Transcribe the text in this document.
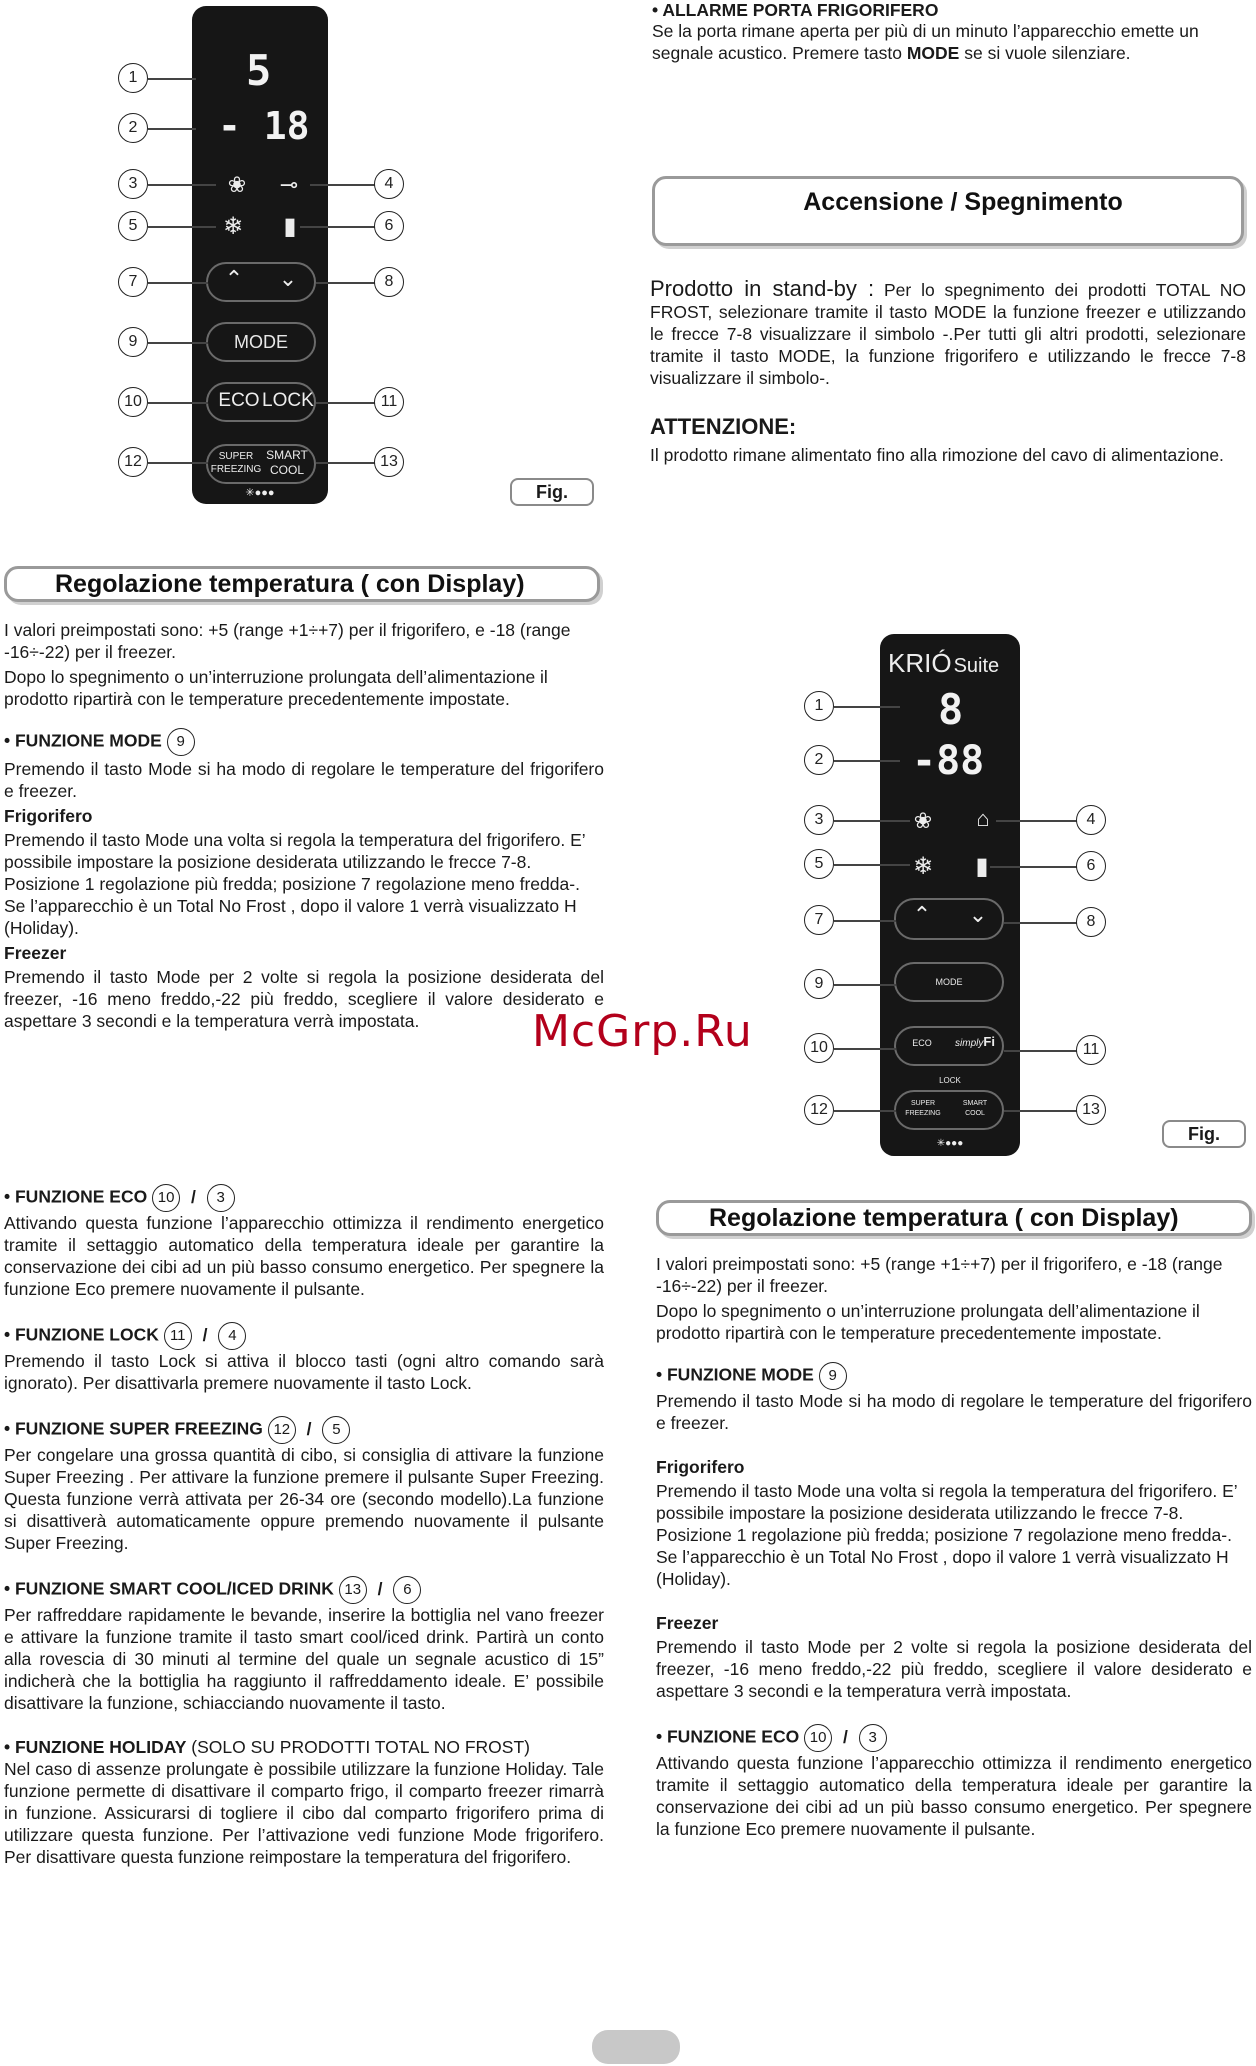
5
- 18
❀	⊸
❄ ▮
⌃	⌄
MODE
ECO LOCK
SUPER
FREEZING
SMART
COOL
✳●●●
1
2
3	4
5	6
7	8
9
10	11
12	13
Fig.

• ALLARME PORTA FRIGORIFERO

Se la porta rimane aperta per più di un minuto l’apparecchio emette un segnale acustico. Premere tasto MODE se si vuole silenziare.

Accensione / Spegnimento
Prodotto in stand-by : Per lo spegnimento dei prodotti TOTAL NO FROST, selezionare tramite il tasto MODE la funzione freezer e utilizzando le frecce 7-8 visualizzare il simbolo -.Per tutti gli altri prodotti, selezionare tramite il tasto MODE, la funzione frigorifero e utilizzando le frecce 7-8 visualizzare il simbolo-.
ATTENZIONE:
Il prodotto rimane alimentato fino alla rimozione del cavo di alimentazione.
Regolazione temperatura ( con Display)

I valori preimpostati sono: +5 (range +1÷+7) per il frigorifero, e -18 (range -16÷-22) per il freezer.

Dopo lo spegnimento o un’interruzione prolungata dell’alimentazione il prodotto ripartirà con le temperature precedentemente impostate.

• FUNZIONE MODE 9

Premendo il tasto Mode si ha modo di regolare le temperature del frigorifero e freezer.

Frigorifero

Premendo il tasto Mode una volta si regola la temperatura del frigorifero. E’ possibile impostare la posizione desiderata utilizzando le frecce 7-8. Posizione 1 regolazione più fredda; posizione 7 regolazione meno fredda-. Se l’apparecchio è un Total No Frost , dopo il valore 1 verrà visualizzato H (Holiday).

Freezer

Premendo il tasto Mode per 2 volte si regola la posizione desiderata del freezer, -16 meno freddo,-22 più freddo, scegliere il valore desiderato e aspettare 3 secondi e la temperatura verrà impostata.	McGrp.Ru
KRIÓ Suite
8
-88
❀	⌂
❄ ▮
⌃	⌄
MODE
ECO	simplyFi
LOCK
SUPER
FREEZING
SMART
COOL
✳●●●
1
2
3	4
5	6
7	8
9
10	11
12	13
Fig.

• FUNZIONE ECO 10 / 3

Attivando questa funzione l’apparecchio ottimizza il rendimento energetico tramite il settaggio automatico della temperatura ideale per garantire la conservazione dei cibi ad un più basso consumo energetico. Per spegnere la funzione Eco premere nuovamente il pulsante.

• FUNZIONE LOCK 11 / 4

Premendo il tasto Lock si attiva il blocco tasti (ogni altro comando sarà ignorato). Per disattivarla premere nuovamente il tasto Lock.

• FUNZIONE SUPER FREEZING 12 / 5

Per congelare una grossa quantità di cibo, si consiglia di attivare la funzione Super Freezing . Per attivare la funzione premere il pulsante Super Freezing. Questa funzione verrà attivata per 26-34 ore (secondo modello).La funzione si disattiverà automaticamente oppure premendo nuovamente il pulsante Super Freezing.

• FUNZIONE SMART COOL/ICED DRINK 13 / 6

Per raffreddare rapidamente le bevande, inserire la bottiglia nel vano freezer e attivare la funzione tramite il tasto smart cool/iced drink. Partirà un conto alla rovescia di 30 minuti al termine del quale un segnale acustico di 15” indicherà che la bottiglia ha raggiunto il raffreddamento ideale. E’ possibile disattivare la funzione, schiacciando nuovamente il tasto.

• FUNZIONE HOLIDAY (SOLO SU PRODOTTI TOTAL NO FROST)

Nel caso di assenze prolungate è possibile utilizzare la funzione Holiday. Tale funzione permette di disattivare il comparto frigo, il comparto freezer rimarrà in funzione. Assicurarsi di togliere il cibo dal comparto frigorifero prima di utilizzare questa funzione. Per l’attivazione vedi funzione Mode frigorifero. Per disattivare questa funzione reimpostare la temperatura del frigorifero.

Regolazione temperatura ( con Display)

I valori preimpostati sono: +5 (range +1÷+7) per il frigorifero, e -18 (range -16÷-22) per il freezer.

Dopo lo spegnimento o un’interruzione prolungata dell’alimentazione il prodotto ripartirà con le temperature precedentemente impostate.

• FUNZIONE MODE 9

Premendo il tasto Mode si ha modo di regolare le temperature del frigorifero e freezer.

Frigorifero

Premendo il tasto Mode una volta si regola la temperatura del frigorifero. E’ possibile impostare la posizione desiderata utilizzando le frecce 7-8. Posizione 1 regolazione più fredda; posizione 7 regolazione meno fredda-. Se l’apparecchio è un Total No Frost , dopo il valore 1 verrà visualizzato H (Holiday).

Freezer

Premendo il tasto Mode per 2 volte si regola la posizione desiderata del freezer, -16 meno freddo,-22 più freddo, scegliere il valore desiderato e aspettare 3 secondi e la temperatura verrà impostata.

• FUNZIONE ECO 10 / 3

Attivando questa funzione l’apparecchio ottimizza il rendimento energetico tramite il settaggio automatico della temperatura ideale per garantire la conservazione dei cibi ad un più basso consumo energetico. Per spegnere la funzione Eco premere nuovamente il pulsante.
